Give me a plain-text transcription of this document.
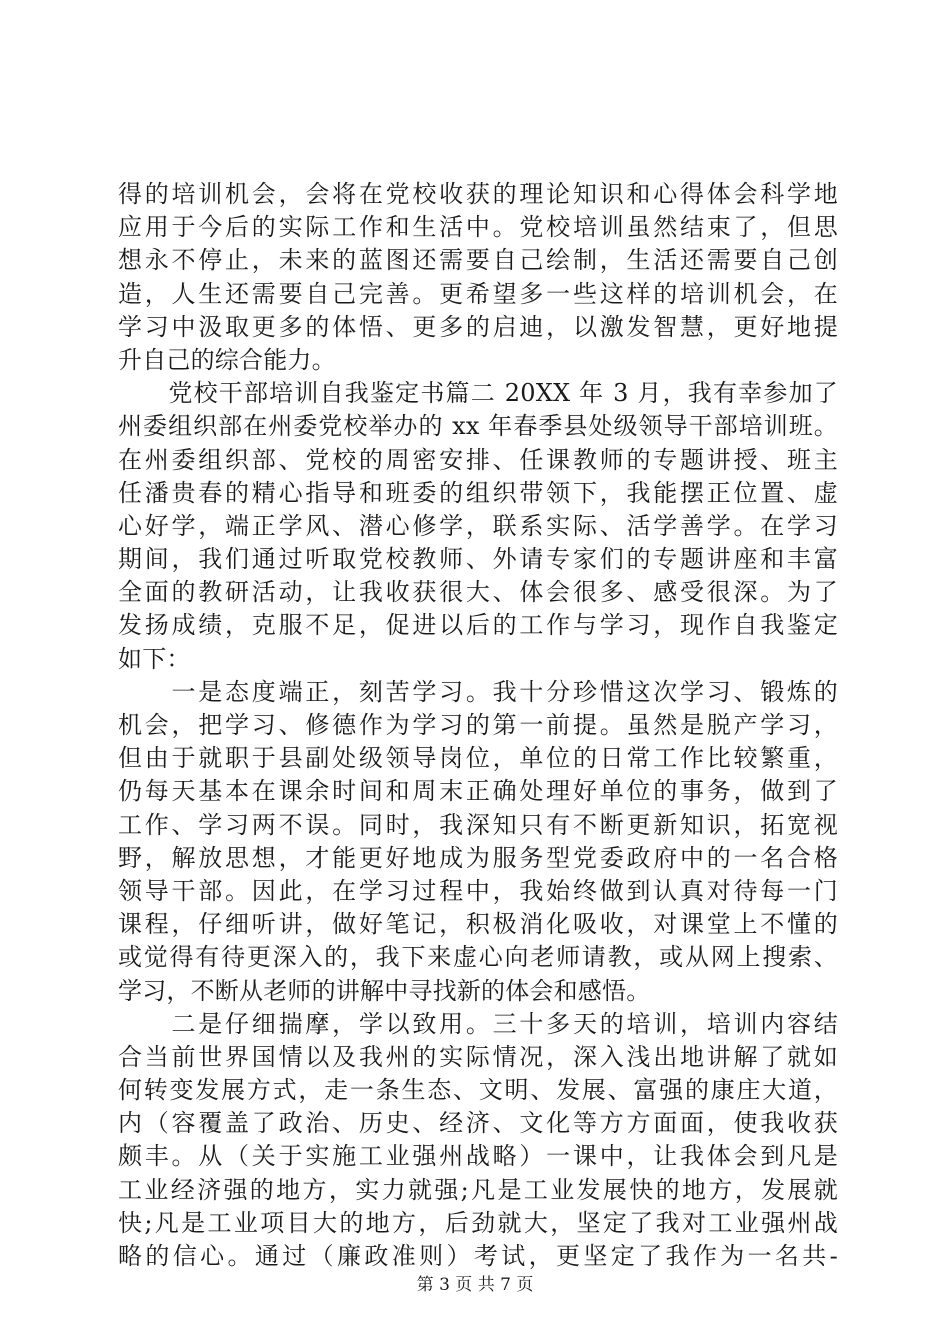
得的培训机会，会将在党校收获的理论知识和心得体会科学地
应用于今后的实际工作和生活中。党校培训虽然结束了，但思
想永不停止，未来的蓝图还需要自己绘制，生活还需要自己创
造，人生还需要自己完善。更希望多一些这样的培训机会，在
学习中汲取更多的体悟、更多的启迪，以激发智慧，更好地提
升自己的综合能力。
　　党校干部培训自我鉴定书篇二 20XX 年 3 月，我有幸参加了
州委组织部在州委党校举办的 xx 年春季县处级领导干部培训班。
在州委组织部、党校的周密安排、任课教师的专题讲授、班主
任潘贵春的精心指导和班委的组织带领下，我能摆正位置、虚
心好学，端正学风、潜心修学，联系实际、活学善学。在学习
期间，我们通过听取党校教师、外请专家们的专题讲座和丰富
全面的教研活动，让我收获很大、体会很多、感受很深。为了
发扬成绩，克服不足，促进以后的工作与学习，现作自我鉴定
如下：
　　一是态度端正，刻苦学习。我十分珍惜这次学习、锻炼的
机会，把学习、修德作为学习的第一前提。虽然是脱产学习，
但由于就职于县副处级领导岗位，单位的日常工作比较繁重，
仍每天基本在课余时间和周末正确处理好单位的事务，做到了
工作、学习两不误。同时，我深知只有不断更新知识，拓宽视
野，解放思想，才能更好地成为服务型党委政府中的一名合格
领导干部。因此，在学习过程中，我始终做到认真对待每一门
课程，仔细听讲，做好笔记，积极消化吸收，对课堂上不懂的
或觉得有待更深入的，我下来虚心向老师请教，或从网上搜索、
学习，不断从老师的讲解中寻找新的体会和感悟。
　　二是仔细揣摩，学以致用。三十多天的培训，培训内容结
合当前世界国情以及我州的实际情况，深入浅出地讲解了就如
何转变发展方式，走一条生态、文明、发展、富强的康庄大道，
内（容覆盖了政治、历史、经济、文化等方方面面，使我收获
颇丰。从（关于实施工业强州战略）一课中，让我体会到凡是
工业经济强的地方，实力就强;凡是工业发展快的地方，发展就
快;凡是工业项目大的地方，后劲就大，坚定了我对工业强州战
略的信心。通过（廉政准则）考试，更坚定了我作为一名共-
第 3 页 共 7 页
